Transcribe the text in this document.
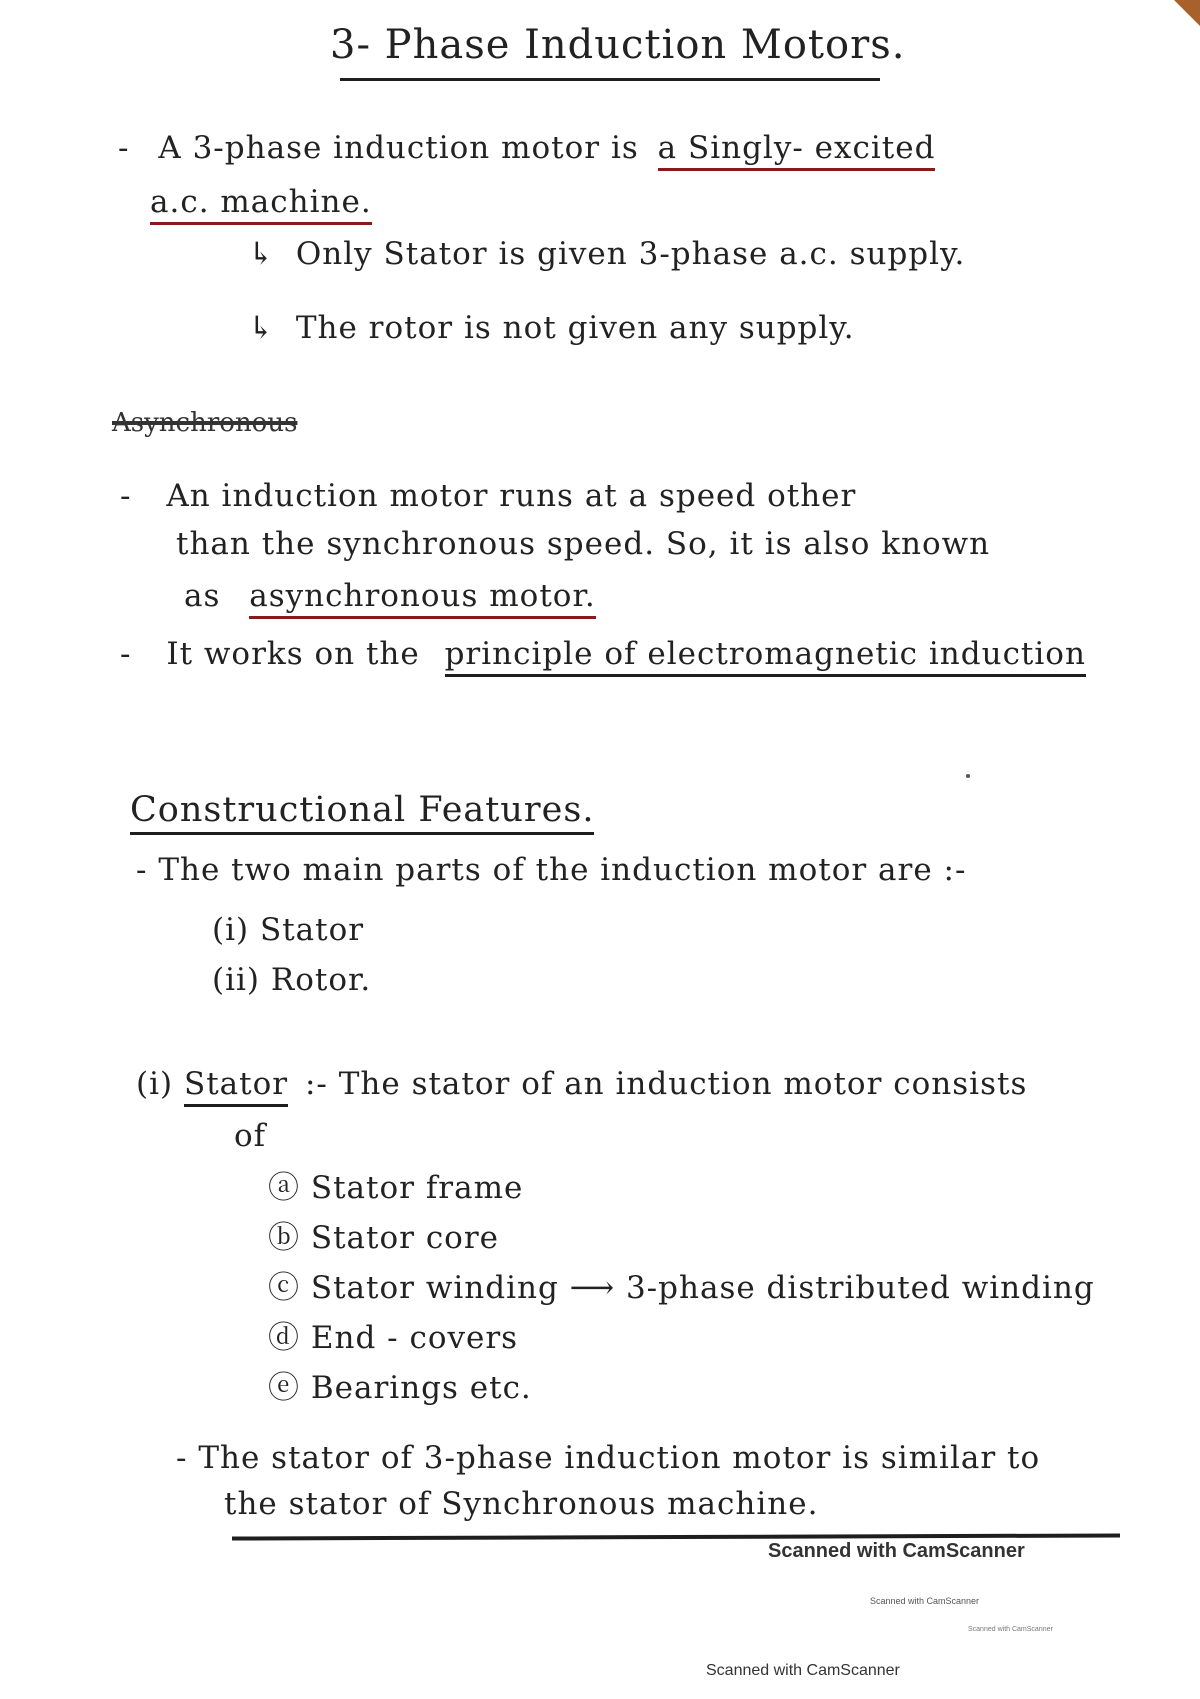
3- Phase Induction Motors.
- A 3-phase induction motor is a Singly- excited
a.c. machine.
↳ Only Stator is given 3-phase a.c. supply.
↳ The rotor is not given any supply.
Asynchronous
- An induction motor runs at a speed other
than the synchronous speed. So, it is also known
as asynchronous motor.
- It works on the principle of electromagnetic induction
Constructional Features.
- The two main parts of the induction motor are :-
(i) Stator
(ii) Rotor.
(i) Stator :- The stator of an induction motor consists
of
ⓐ Stator frame
ⓑ Stator core
ⓒ Stator winding ⟶ 3-phase distributed winding
ⓓ End - covers
ⓔ Bearings etc.
- The stator of 3-phase induction motor is similar to
the stator of Synchronous machine.
Scanned with CamScanner
Scanned with CamScanner
Scanned with CamScanner
Scanned with CamScanner
